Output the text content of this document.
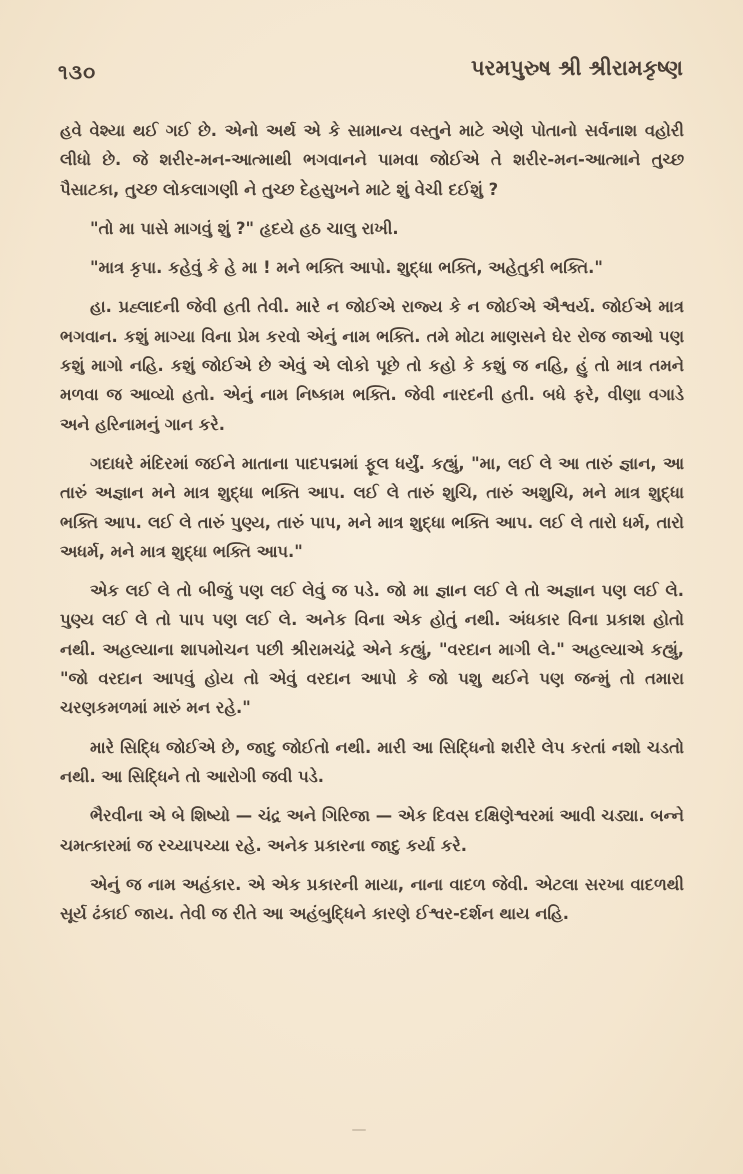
૧૩૦	પરમપુરુષ શ્રી શ્રીરામકૃષ્ણ

હવે વેશ્યા થઈ ગઈ છે. એનો અર્થ એ કે સામાન્ય વસ્તુને માટે એણે પોતાનો સર્વનાશ વહોરી લીધો છે. જે શરીર-મન-આત્માથી ભગવાનને પામવા જોઈએ તે શરીર-મન-આત્માને તુચ્છ પૈસાટકા, તુચ્છ લોકલાગણી ને તુચ્છ દેહસુખને માટે શું વેચી દઈશું ?

"તો મા પાસે માગવું શું ?" હૃદયે હઠ ચાલુ રાખી.

"માત્ર કૃપા. કહેવું કે હે મા ! મને ભક્તિ આપો. શુદ્ધા ભક્તિ, અહેતુકી ભક્તિ."

હા. પ્રહ્લાદની જેવી હતી તેવી. મારે ન જોઈએ રાજ્ય કે ન જોઈએ ઐશ્વર્ય. જોઈએ માત્ર ભગવાન. કશું માગ્યા વિના પ્રેમ કરવો એનું નામ ભક્તિ. તમે મોટા માણસને ઘેર રોજ જાઓ પણ કશું માગો નહિ. કશું જોઈએ છે એવું એ લોકો પૂછે તો કહો કે કશું જ નહિ, હું તો માત્ર તમને મળવા જ આવ્યો હતો. એનું નામ નિષ્કામ ભક્તિ. જેવી નારદની હતી. બધે ફરે, વીણા વગાડે અને હરિનામનું ગાન કરે.

ગદાધરે મંદિરમાં જઈને માતાના પાદપદ્મમાં ફૂલ ધર્યું. કહ્યું, "મા, લઈ લે આ તારું જ્ઞાન, આ તારું અજ્ઞાન મને માત્ર શુદ્ધા ભક્તિ આપ. લઈ લે તારું શુચિ, તારું અશુચિ, મને માત્ર શુદ્ધા ભક્તિ આપ. લઈ લે તારું પુણ્ય, તારું પાપ, મને માત્ર શુદ્ધા ભક્તિ આપ. લઈ લે તારો ધર્મ, તારો અધર્મ, મને માત્ર શુદ્ધા ભક્તિ આપ."

એક લઈ લે તો બીજું પણ લઈ લેવું જ પડે. જો મા જ્ઞાન લઈ લે તો અજ્ઞાન પણ લઈ લે. પુણ્ય લઈ લે તો પાપ પણ લઈ લે. અનેક વિના એક હોતું નથી. અંધકાર વિના પ્રકાશ હોતો નથી. અહલ્યાના શાપમોચન પછી શ્રીરામચંદ્રે એને કહ્યું, "વરદાન માગી લે." અહલ્યાએ કહ્યું, "જો વરદાન આપવું હોય તો એવું વરદાન આપો કે જો પશુ થઈને પણ જન્મું તો તમારા ચરણકમળમાં મારું મન રહે."

મારે સિદ્ધિ જોઈએ છે, જાદુ જોઈતો નથી. મારી આ સિદ્ધિનો શરીરે લેપ કરતાં નશો ચડતો નથી. આ સિદ્ધિને તો આરોગી જવી પડે.

ભૈરવીના એ બે શિષ્યો — ચંદ્ર અને ગિરિજા — એક દિવસ દક્ષિણેશ્વરમાં આવી ચડ્યા. બન્ને ચમત્કારમાં જ રચ્યાપચ્યા રહે. અનેક પ્રકારના જાદુ કર્યા કરે.

એનું જ નામ અહંકાર. એ એક પ્રકારની માયા, નાના વાદળ જેવી. એટલા સરખા વાદળથી સૂર્ય ઢંકાઈ જાય. તેવી જ રીતે આ અહંબુદ્ધિને કારણે ઈશ્વર-દર્શન થાય નહિ.
